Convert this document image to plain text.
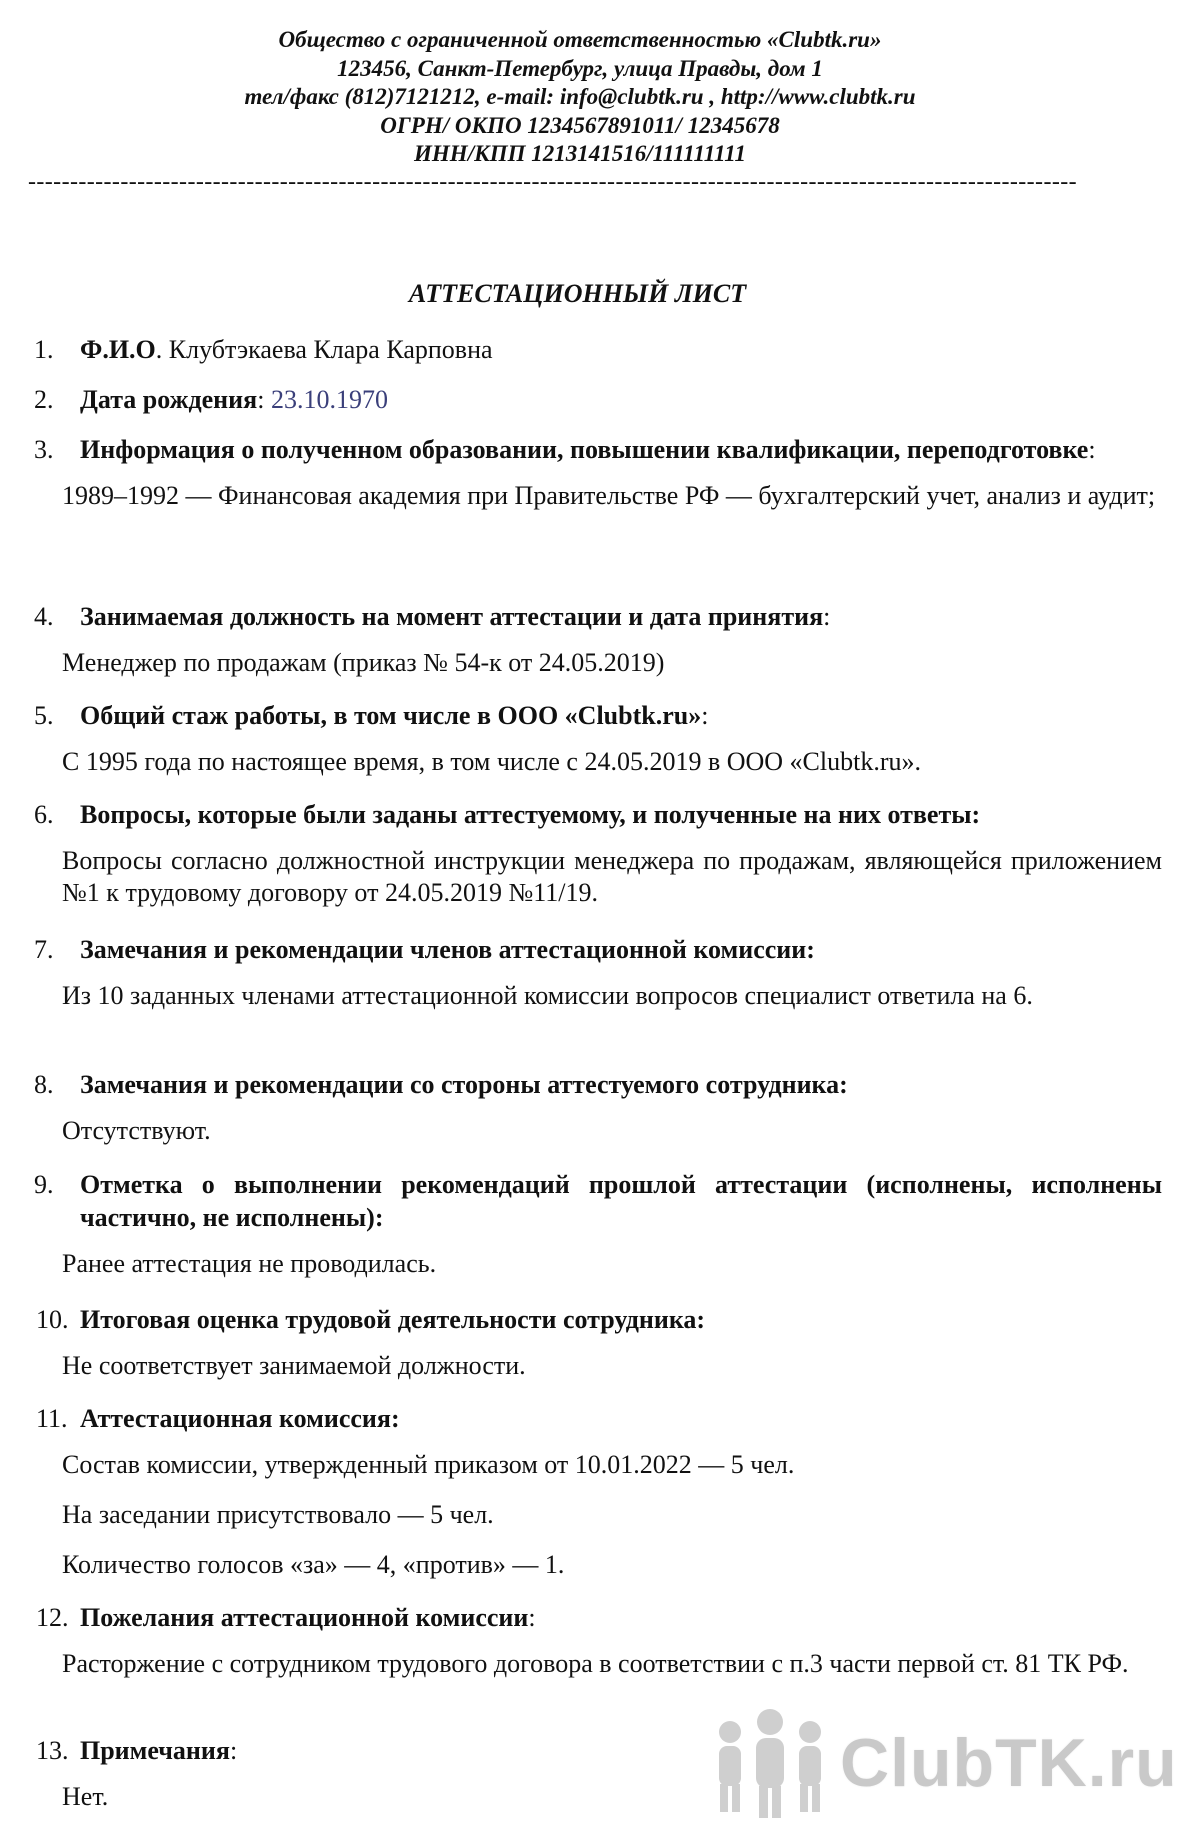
Общество с ограниченной ответственностью «Clubtk.ru»
123456, Санкт-Петербург, улица Правды, дом 1
тел/факс (812)7121212, e-mail: info@clubtk.ru , http://www.clubtk.ru
ОГРН/ ОКПО 1234567891011/ 12345678
ИНН/КПП 1213141516/111111111
-----------------------------------------------------------------------------------------------------------------------------
АТТЕСТАЦИОННЫЙ ЛИСТ
1. Ф.И.О. Клубтэкаева Клара Карповна
2. Дата рождения: 23.10.1970
3. Информация о полученном образовании, повышении квалификации, переподготовке:

1989–1992 — Финансовая академия при Правительстве РФ — бухгалтерский учет, анализ и аудит;

4. Занимаемая должность на момент аттестации и дата принятия:

Менеджер по продажам (приказ № 54-к от 24.05.2019)

5. Общий стаж работы, в том числе в ООО «Clubtk.ru»:

С 1995 года по настоящее время, в том числе с 24.05.2019 в ООО «Clubtk.ru».

6. Вопросы, которые были заданы аттестуемому, и полученные на них ответы:

Вопросы согласно должностной инструкции менеджера по продажам, являющейся приложением №1 к трудовому договору от 24.05.2019 №11/19.

7. Замечания и рекомендации членов аттестационной комиссии:

Из 10 заданных членами аттестационной комиссии вопросов специалист ответила на 6.

8. Замечания и рекомендации со стороны аттестуемого сотрудника:

Отсутствуют.

9. Отметка о выполнении рекомендаций прошлой аттестации (исполнены, исполнены частично, не исполнены):

Ранее аттестация не проводилась.

10. Итоговая оценка трудовой деятельности сотрудника:

Не соответствует занимаемой должности.

11. Аттестационная комиссия:

Состав комиссии, утвержденный приказом от 10.01.2022 — 5 чел.

На заседании присутствовало — 5 чел.

Количество голосов «за» — 4, «против» — 1.

12. Пожелания аттестационной комиссии:

Расторжение с сотрудником трудового договора в соответствии с п.3 части первой ст. 81 ТК РФ.

13. Примечания:

Нет.	ClubTK.ru
